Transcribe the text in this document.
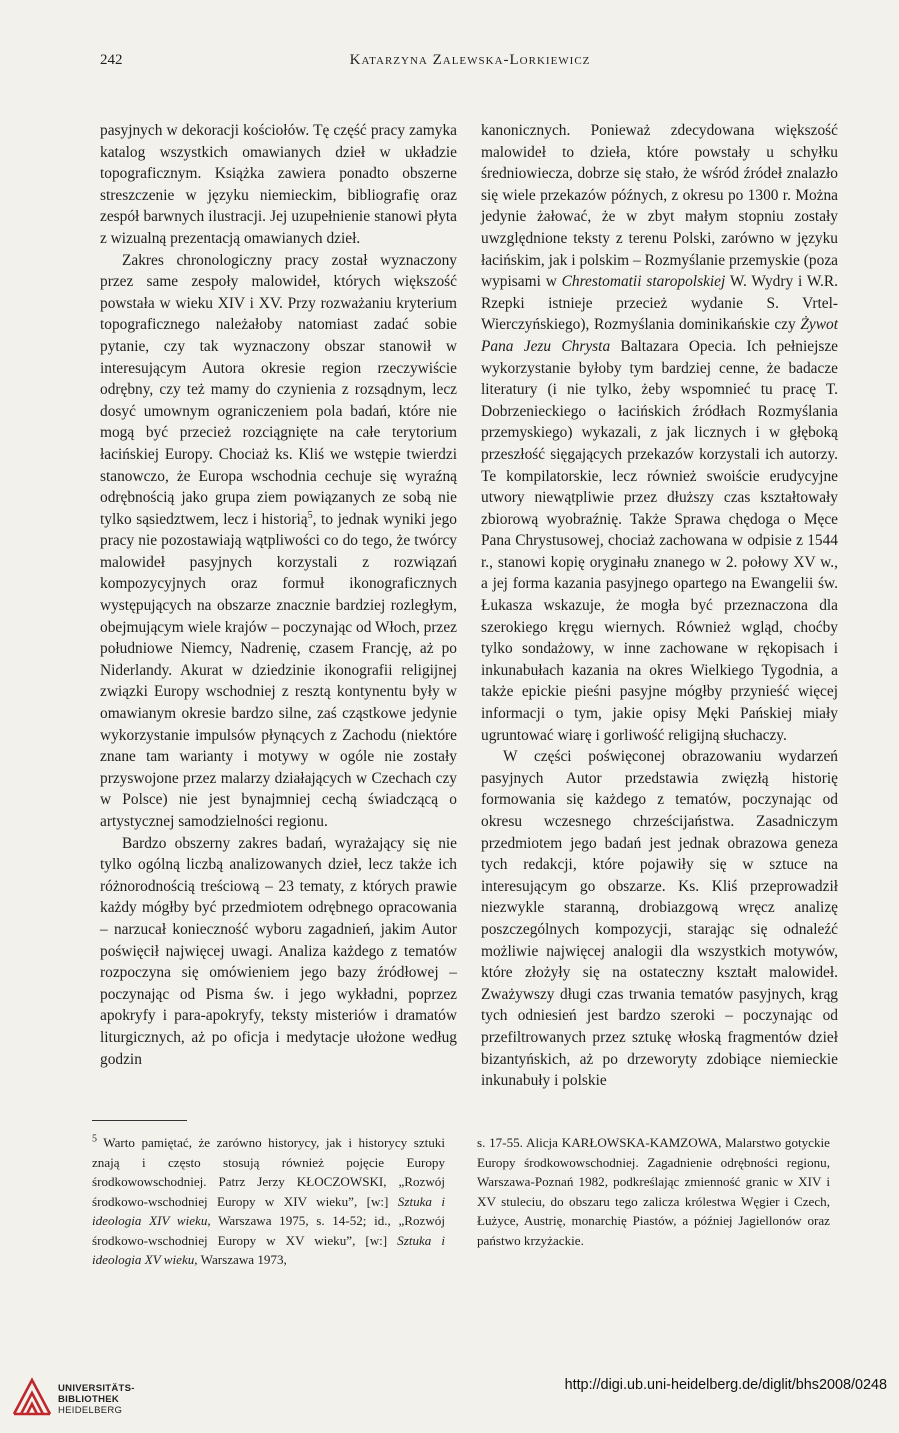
242	Katarzyna Zalewska-Lorkiewicz

pasyjnych w dekoracji kościołów. Tę część pracy zamyka katalog wszystkich omawianych dzieł w układzie topograficznym. Książka zawiera ponadto obszerne streszczenie w języku niemieckim, bibliografię oraz zespół barwnych ilustracji. Jej uzupełnienie stanowi płyta z wizualną prezentacją omawianych dzieł.

Zakres chronologiczny pracy został wyznaczony przez same zespoły malowideł, których większość powstała w wieku XIV i XV. Przy rozważaniu kryterium topograficznego należałoby natomiast zadać sobie pytanie, czy tak wyznaczony obszar stanowił w interesującym Autora okresie region rzeczywiście odrębny, czy też mamy do czynienia z rozsądnym, lecz dosyć umownym ograniczeniem pola badań, które nie mogą być przecież rozciągnięte na całe terytorium łacińskiej Europy. Chociaż ks. Kliś we wstępie twierdzi stanowczo, że Europa wschodnia cechuje się wyraźną odrębnością jako grupa ziem powiązanych ze sobą nie tylko sąsiedztwem, lecz i historią$^5$, to jednak wyniki jego pracy nie pozostawiają wątpliwości co do tego, że twórcy malowideł pasyjnych korzystali z rozwiązań kompozycyjnych oraz formuł ikonograficznych występujących na obszarze znacznie bardziej rozległym, obejmującym wiele krajów – poczynając od Włoch, przez południowe Niemcy, Nadrenię, czasem Francję, aż po Niderlandy. Akurat w dziedzinie ikonografii religijnej związki Europy wschodniej z resztą kontynentu były w omawianym okresie bardzo silne, zaś cząstkowe jedynie wykorzystanie impulsów płynących z Zachodu (niektóre znane tam warianty i motywy w ogóle nie zostały przyswojone przez malarzy działających w Czechach czy w Polsce) nie jest bynajmniej cechą świadczącą o artystycznej samodzielności regionu.

Bardzo obszerny zakres badań, wyrażający się nie tylko ogólną liczbą analizowanych dzieł, lecz także ich różnorodnością treściową – 23 tematy, z których prawie każdy mógłby być przedmiotem odrębnego opracowania – narzucał konieczność wyboru zagadnień, jakim Autor poświęcił najwięcej uwagi. Analiza każdego z tematów rozpoczyna się omówieniem jego bazy źródłowej – poczynając od Pisma św. i jego wykładni, poprzez apokryfy i para-apokryfy, teksty misteriów i dramatów liturgicznych, aż po oficja i medytacje ułożone według godzin

kanonicznych. Ponieważ zdecydowana większość malowideł to dzieła, które powstały u schyłku średniowiecza, dobrze się stało, że wśród źródeł znalazło się wiele przekazów późnych, z okresu po 1300 r. Można jedynie żałować, że w zbyt małym stopniu zostały uwzględnione teksty z terenu Polski, zarówno w języku łacińskim, jak i polskim – Rozmyślanie przemyskie (poza wypisami w Chrestomatii staropolskiej W. Wydry i W.R. Rzepki istnieje przecież wydanie S. Vrtel-Wierczyńskiego), Rozmyślania dominikańskie czy Żywot Pana Jezu Chrysta Baltazara Opecia. Ich pełniejsze wykorzystanie byłoby tym bardziej cenne, że badacze literatury (i nie tylko, żeby wspomnieć tu pracę T. Dobrzenieckiego o łacińskich źródłach Rozmyślania przemyskiego) wykazali, z jak licznych i w głęboką przeszłość sięgających przekazów korzystali ich autorzy. Te kompilatorskie, lecz również swoiście erudycyjne utwory niewątpliwie przez dłuższy czas kształtowały zbiorową wyobraźnię. Także Sprawa chędoga o Męce Pana Chrystusowej, chociaż zachowana w odpisie z 1544 r., stanowi kopię oryginału znanego w 2. połowy XV w., a jej forma kazania pasyjnego opartego na Ewangelii św. Łukasza wskazuje, że mogła być przeznaczona dla szerokiego kręgu wiernych. Również wgląd, choćby tylko sondażowy, w inne zachowane w rękopisach i inkunabułach kazania na okres Wielkiego Tygodnia, a także epickie pieśni pasyjne mógłby przynieść więcej informacji o tym, jakie opisy Męki Pańskiej miały ugruntować wiarę i gorliwość religijną słuchaczy.

W części poświęconej obrazowaniu wydarzeń pasyjnych Autor przedstawia zwięzłą historię formowania się każdego z tematów, poczynając od okresu wczesnego chrześcijaństwa. Zasadniczym przedmiotem jego badań jest jednak obrazowa geneza tych redakcji, które pojawiły się w sztuce na interesującym go obszarze. Ks. Kliś przeprowadził niezwykle staranną, drobiazgową wręcz analizę poszczególnych kompozycji, starając się odnaleźć możliwie najwięcej analogii dla wszystkich motywów, które złożyły się na ostateczny kształt malowideł. Zważywszy długi czas trwania tematów pasyjnych, krąg tych odniesień jest bardzo szeroki – poczynając od przefiltrowanych przez sztukę włoską fragmentów dzieł bizantyńskich, aż po drzeworyty zdobiące niemieckie inkunabuły i polskie

$^5$ Warto pamiętać, że zarówno historycy, jak i historycy sztuki znają i często stosują również pojęcie Europy środkowowschodniej. Patrz Jerzy KŁOCZOWSKI, „Rozwój środkowo-wschodniej Europy w XIV wieku”, [w:] Sztuka i ideologia XIV wieku, Warszawa 1975, s. 14-52; id., „Rozwój środkowo-wschodniej Europy w XV wieku”, [w:] Sztuka i ideologia XV wieku, Warszawa 1973,

s. 17-55. Alicja KARŁOWSKA-KAMZOWA, Malarstwo gotyckie Europy środkowowschodniej. Zagadnienie odrębności regionu, Warszawa-Poznań 1982, podkreślając zmienność granic w XIV i XV stuleciu, do obszaru tego zalicza królestwa Węgier i Czech, Łużyce, Austrię, monarchię Piastów, a później Jagiellonów oraz państwo krzyżackie.

UNIVERSITÄTS-
BIBLIOTHEK
HEIDELBERG
http://digi.ub.uni-heidelberg.de/diglit/bhs2008/0248
